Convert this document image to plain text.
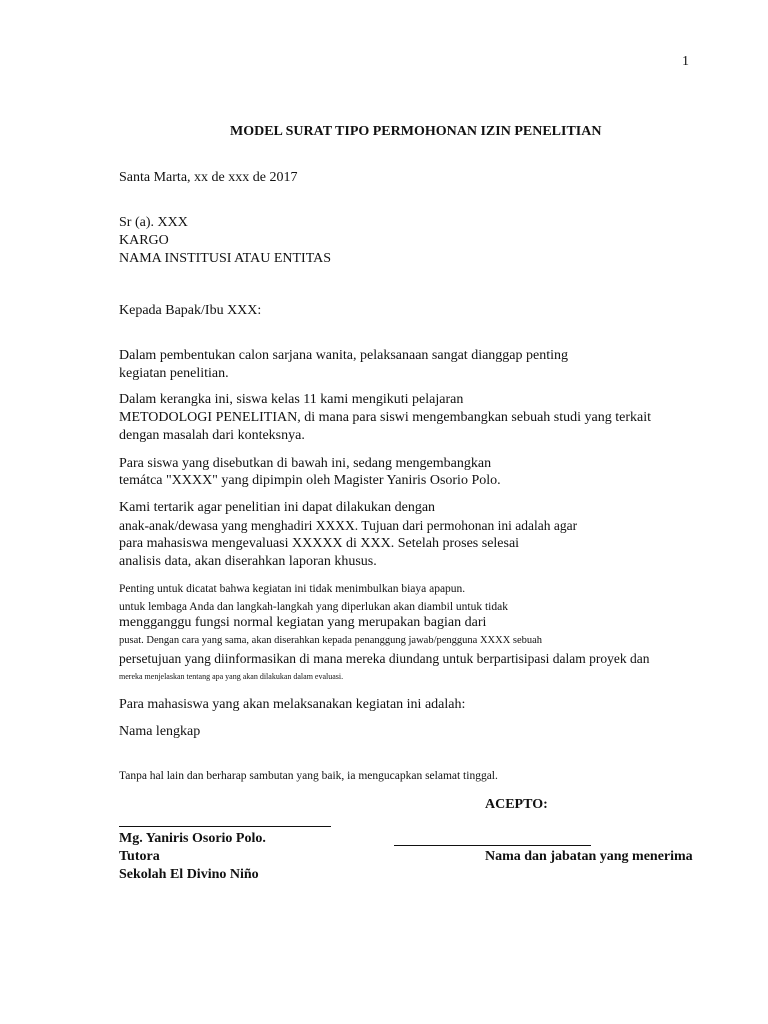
1
MODEL SURAT TIPO PERMOHONAN IZIN PENELITIAN
Santa Marta, xx de xxx de 2017
Sr (a). XXX
KARGO
NAMA INSTITUSI ATAU ENTITAS
Kepada Bapak/Ibu XXX:
Dalam pembentukan calon sarjana wanita, pelaksanaan sangat dianggap penting
kegiatan penelitian.
Dalam kerangka ini, siswa kelas 11 kami mengikuti pelajaran
METODOLOGI PENELITIAN, di mana para siswi mengembangkan sebuah studi yang terkait
dengan masalah dari konteksnya.
Para siswa yang disebutkan di bawah ini, sedang mengembangkan
temátca "XXXX" yang dipimpin oleh Magister Yaniris Osorio Polo.
Kami tertarik agar penelitian ini dapat dilakukan dengan
anak-anak/dewasa yang menghadiri XXXX. Tujuan dari permohonan ini adalah agar
para mahasiswa mengevaluasi XXXXX di XXX. Setelah proses selesai
analisis data, akan diserahkan laporan khusus.
Penting untuk dicatat bahwa kegiatan ini tidak menimbulkan biaya apapun.
untuk lembaga Anda dan langkah-langkah yang diperlukan akan diambil untuk tidak
mengganggu fungsi normal kegiatan yang merupakan bagian dari
pusat. Dengan cara yang sama, akan diserahkan kepada penanggung jawab/pengguna XXXX sebuah
persetujuan yang diinformasikan di mana mereka diundang untuk berpartisipasi dalam proyek dan
mereka menjelaskan tentang apa yang akan dilakukan dalam evaluasi.
Para mahasiswa yang akan melaksanakan kegiatan ini adalah:
Nama lengkap
Tanpa hal lain dan berharap sambutan yang baik, ia mengucapkan selamat tinggal.
ACEPTO:
Mg. Yaniris Osorio Polo.
Tutora
Sekolah El Divino Niño
Nama dan jabatan yang menerima
